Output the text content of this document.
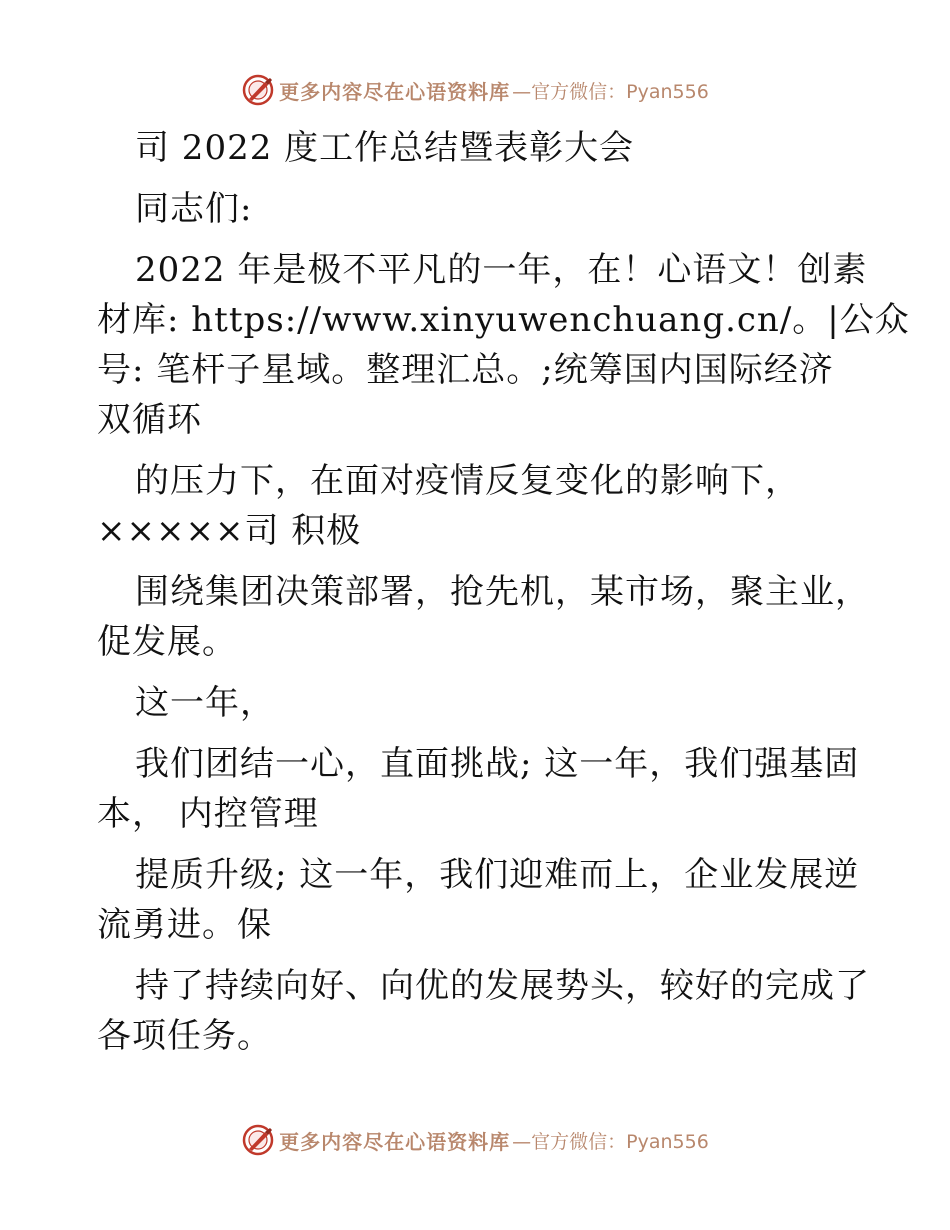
更多内容尽在心语资料库 —官方微信：Pyan556
司 2022 度工作总结暨表彰大会
同志们:
2022 年是极不平凡的一年，在！心语文！创素
材库: https://www.xinyuwenchuang.cn/。|公众
号: 笔杆子星域。整理汇总。;统筹国内国际经济
双循环
的压力下，在面对疫情反复变化的影响下，
×××××司 积极
围绕集团决策部署，抢先机，某市场，聚主业，
促发展。
这一年，
我们团结一心，直面挑战; 这一年，我们强基固
本， 内控管理
提质升级; 这一年，我们迎难而上，企业发展逆
流勇进。保
持了持续向好、向优的发展势头，较好的完成了
各项任务。
更多内容尽在心语资料库 —官方微信：Pyan556
